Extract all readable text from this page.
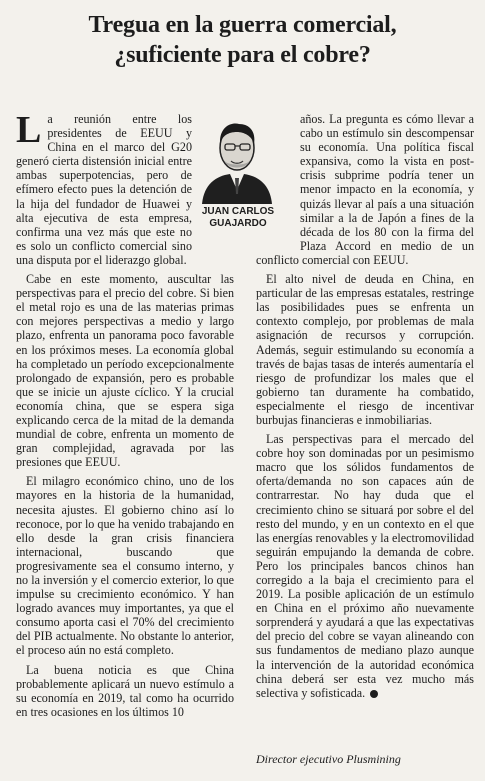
Tregua en la guerra comercial,
¿suficiente para el cobre?
JUAN CARLOS
GUAJARDO

La reunión entre los presidentes de EEUU y China en el marco del G20 generó cierta distensión inicial entre ambas superpotencias, pero de efímero efecto pues la detención de la hija del fundador de Huawei y alta ejecutiva de esta empresa, confirma una vez más que este no es solo un conflicto comercial sino una disputa por el liderazgo global.

Cabe en este momento, auscultar las perspectivas para el precio del cobre. Si bien el metal rojo es una de las materias primas con mejores perspectivas a medio y largo plazo, enfrenta un panorama poco favorable en los próximos meses. La economía global ha completado un período excepcionalmente prolongado de expansión, pero es probable que se inicie un ajuste cíclico. Y la crucial economía china, que se espera siga explicando cerca de la mitad de la demanda mundial de cobre, enfrenta un momento de gran complejidad, agravada por las presiones que EEUU.

El milagro económico chino, uno de los mayores en la historia de la humanidad, necesita ajustes. El gobierno chino así lo reconoce, por lo que ha venido trabajando en ello desde la gran crisis financiera internacional, buscando que progresivamente sea el consumo interno, y no la inversión y el comercio exterior, lo que impulse su crecimiento económico. Y han logrado avances muy importantes, ya que el consumo aporta casi el 70% del crecimiento del PIB actualmente. No obstante lo anterior, el proceso aún no está completo.

La buena noticia es que China probablemente aplicará un nuevo estímulo a su economía en 2019, tal como ha ocurrido en tres ocasiones en los últimos 10

años. La pregunta es cómo llevar a cabo un estímulo sin descompensar su economía. Una política fiscal expansiva, como la vista en post-crisis subprime podría tener un menor impacto en la economía, y quizás llevar al país a una situación similar a la de Japón a fines de la década de los 80 con la firma del Plaza Accord en medio de un conflicto comercial con EEUU.

El alto nivel de deuda en China, en particular de las empresas estatales, restringe las posibilidades pues se enfrenta un contexto complejo, por problemas de mala asignación de recursos y corrupción. Además, seguir estimulando su economía a través de bajas tasas de interés aumentaría el riesgo de profundizar los males que el gobierno tan duramente ha combatido, especialmente el riesgo de incentivar burbujas financieras e inmobiliarias.

Las perspectivas para el mercado del cobre hoy son dominadas por un pesimismo macro que los sólidos fundamentos de oferta/demanda no son capaces aún de contrarrestar. No hay duda que el crecimiento chino se situará por sobre el del resto del mundo, y en un contexto en el que las energías renovables y la electromovilidad seguirán empujando la demanda de cobre. Pero los principales bancos chinos han corregido a la baja el crecimiento para el 2019. La posible aplicación de un estímulo en China en el próximo año nuevamente sorprenderá y ayudará a que las expectativas del precio del cobre se vayan alineando con sus fundamentos de mediano plazo aunque la intervención de la autoridad económica china deberá ser esta vez mucho más selectiva y sofisticada.

Director ejecutivo Plusmining
